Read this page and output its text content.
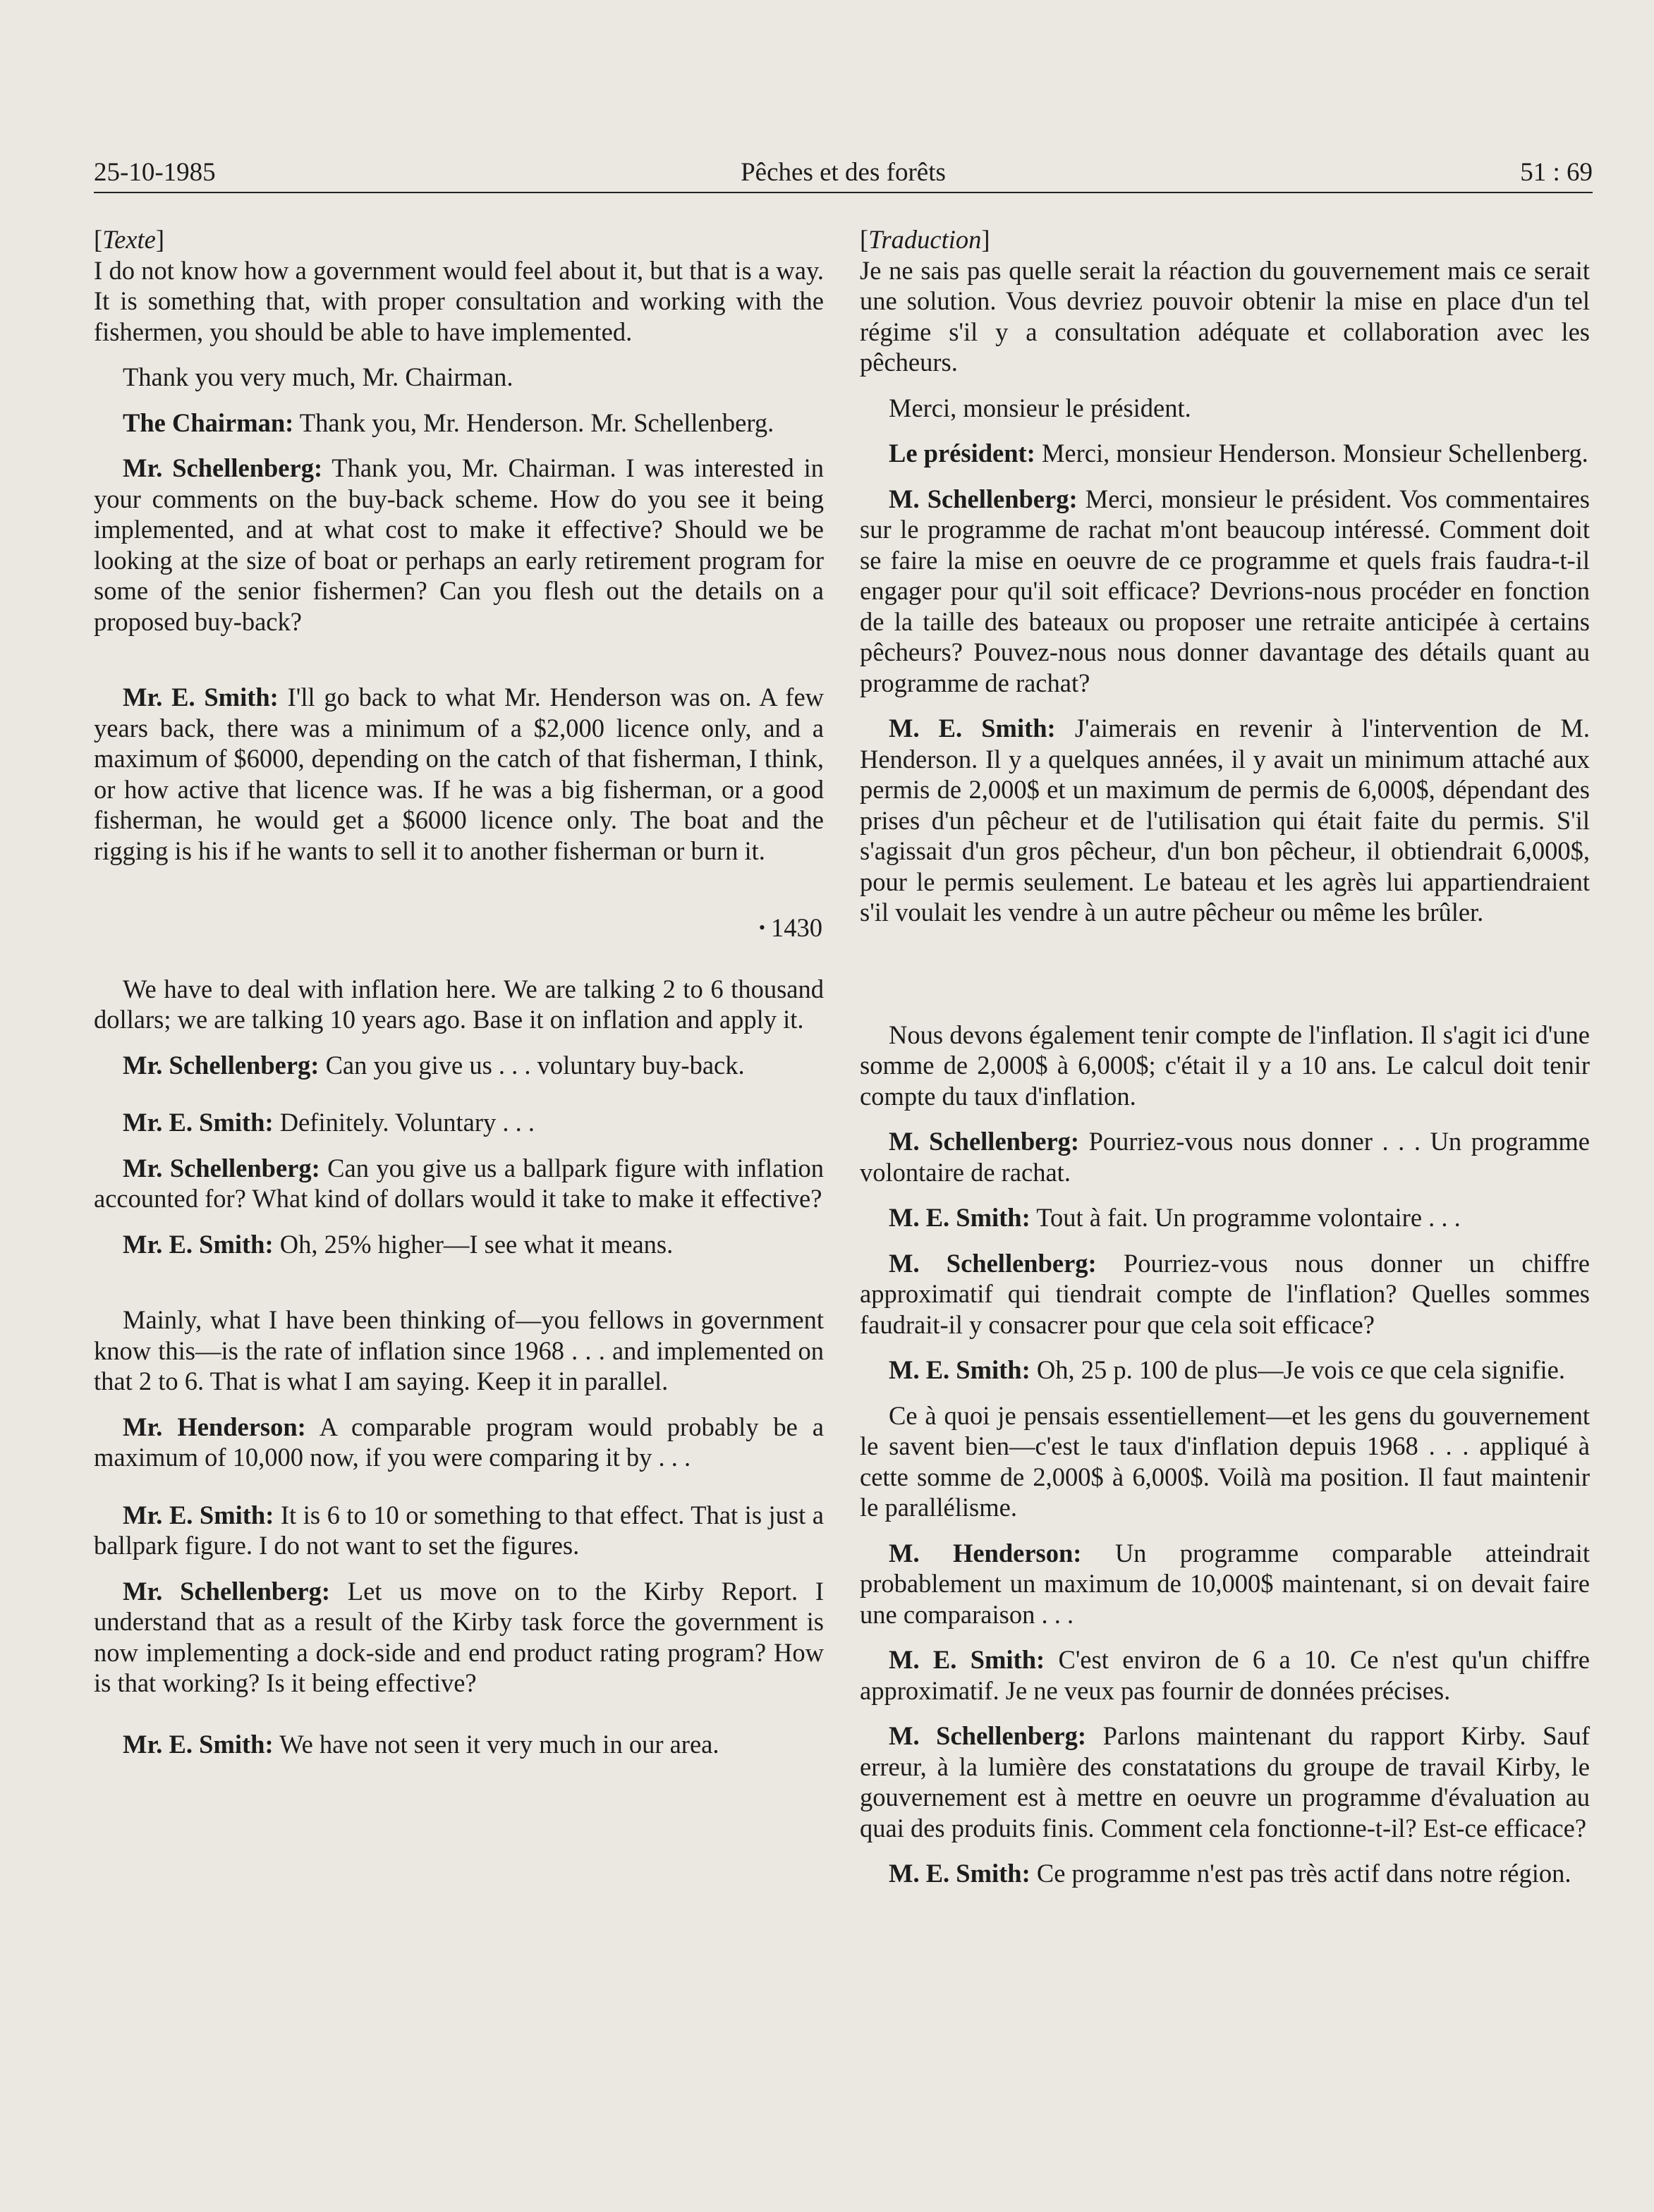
25-10-1985	Pêches et des forêts	51 : 69

[Texte]

I do not know how a government would feel about it, but that is a way. It is something that, with proper consultation and working with the fishermen, you should be able to have implemented.

Thank you very much, Mr. Chairman.

The Chairman: Thank you, Mr. Henderson. Mr. Schellenberg.

Mr. Schellenberg: Thank you, Mr. Chairman. I was interested in your comments on the buy-back scheme. How do you see it being implemented, and at what cost to make it effective? Should we be looking at the size of boat or perhaps an early retirement program for some of the senior fishermen? Can you flesh out the details on a proposed buy-back?

Mr. E. Smith: I'll go back to what Mr. Henderson was on. A few years back, there was a minimum of a $2,000 licence only, and a maximum of $6000, depending on the catch of that fisherman, I think, or how active that licence was. If he was a big fisherman, or a good fisherman, he would get a $6000 licence only. The boat and the rigging is his if he wants to sell it to another fisherman or burn it.

• 1430

We have to deal with inflation here. We are talking 2 to 6 thousand dollars; we are talking 10 years ago. Base it on inflation and apply it.

Mr. Schellenberg: Can you give us . . . voluntary buy-back.

Mr. E. Smith: Definitely. Voluntary . . .

Mr. Schellenberg: Can you give us a ballpark figure with inflation accounted for? What kind of dollars would it take to make it effective?

Mr. E. Smith: Oh, 25% higher—I see what it means.

Mainly, what I have been thinking of—you fellows in government know this—is the rate of inflation since 1968 . . . and implemented on that 2 to 6. That is what I am saying. Keep it in parallel.

Mr. Henderson: A comparable program would probably be a maximum of 10,000 now, if you were comparing it by . . .

Mr. E. Smith: It is 6 to 10 or something to that effect. That is just a ballpark figure. I do not want to set the figures.

Mr. Schellenberg: Let us move on to the Kirby Report. I understand that as a result of the Kirby task force the government is now implementing a dock-side and end product rating program? How is that working? Is it being effective?

Mr. E. Smith: We have not seen it very much in our area.

[Traduction]

Je ne sais pas quelle serait la réaction du gouvernement mais ce serait une solution. Vous devriez pouvoir obtenir la mise en place d'un tel régime s'il y a consultation adéquate et collaboration avec les pêcheurs.

Merci, monsieur le président.

Le président: Merci, monsieur Henderson. Monsieur Schellenberg.

M. Schellenberg: Merci, monsieur le président. Vos commentaires sur le programme de rachat m'ont beaucoup intéressé. Comment doit se faire la mise en oeuvre de ce programme et quels frais faudra-t-il engager pour qu'il soit efficace? Devrions-nous procéder en fonction de la taille des bateaux ou proposer une retraite anticipée à certains pêcheurs? Pouvez-nous nous donner davantage des détails quant au programme de rachat?

M. E. Smith: J'aimerais en revenir à l'intervention de M. Henderson. Il y a quelques années, il y avait un minimum attaché aux permis de 2,000$ et un maximum de permis de 6,000$, dépendant des prises d'un pêcheur et de l'utilisation qui était faite du permis. S'il s'agissait d'un gros pêcheur, d'un bon pêcheur, il obtiendrait 6,000$, pour le permis seulement. Le bateau et les agrès lui appartiendraient s'il voulait les vendre à un autre pêcheur ou même les brûler.

Nous devons également tenir compte de l'inflation. Il s'agit ici d'une somme de 2,000$ à 6,000$; c'était il y a 10 ans. Le calcul doit tenir compte du taux d'inflation.

M. Schellenberg: Pourriez-vous nous donner . . . Un programme volontaire de rachat.

M. E. Smith: Tout à fait. Un programme volontaire . . .

M. Schellenberg: Pourriez-vous nous donner un chiffre approximatif qui tiendrait compte de l'inflation? Quelles sommes faudrait-il y consacrer pour que cela soit efficace?

M. E. Smith: Oh, 25 p. 100 de plus—Je vois ce que cela signifie.

Ce à quoi je pensais essentiellement—et les gens du gouvernement le savent bien—c'est le taux d'inflation depuis 1968 . . . appliqué à cette somme de 2,000$ à 6,000$. Voilà ma position. Il faut maintenir le parallélisme.

M. Henderson: Un programme comparable atteindrait probablement un maximum de 10,000$ maintenant, si on devait faire une comparaison . . .

M. E. Smith: C'est environ de 6 a 10. Ce n'est qu'un chiffre approximatif. Je ne veux pas fournir de données précises.

M. Schellenberg: Parlons maintenant du rapport Kirby. Sauf erreur, à la lumière des constatations du groupe de travail Kirby, le gouvernement est à mettre en oeuvre un programme d'évaluation au quai des produits finis. Comment cela fonctionne-t-il? Est-ce efficace?

M. E. Smith: Ce programme n'est pas très actif dans notre région.
